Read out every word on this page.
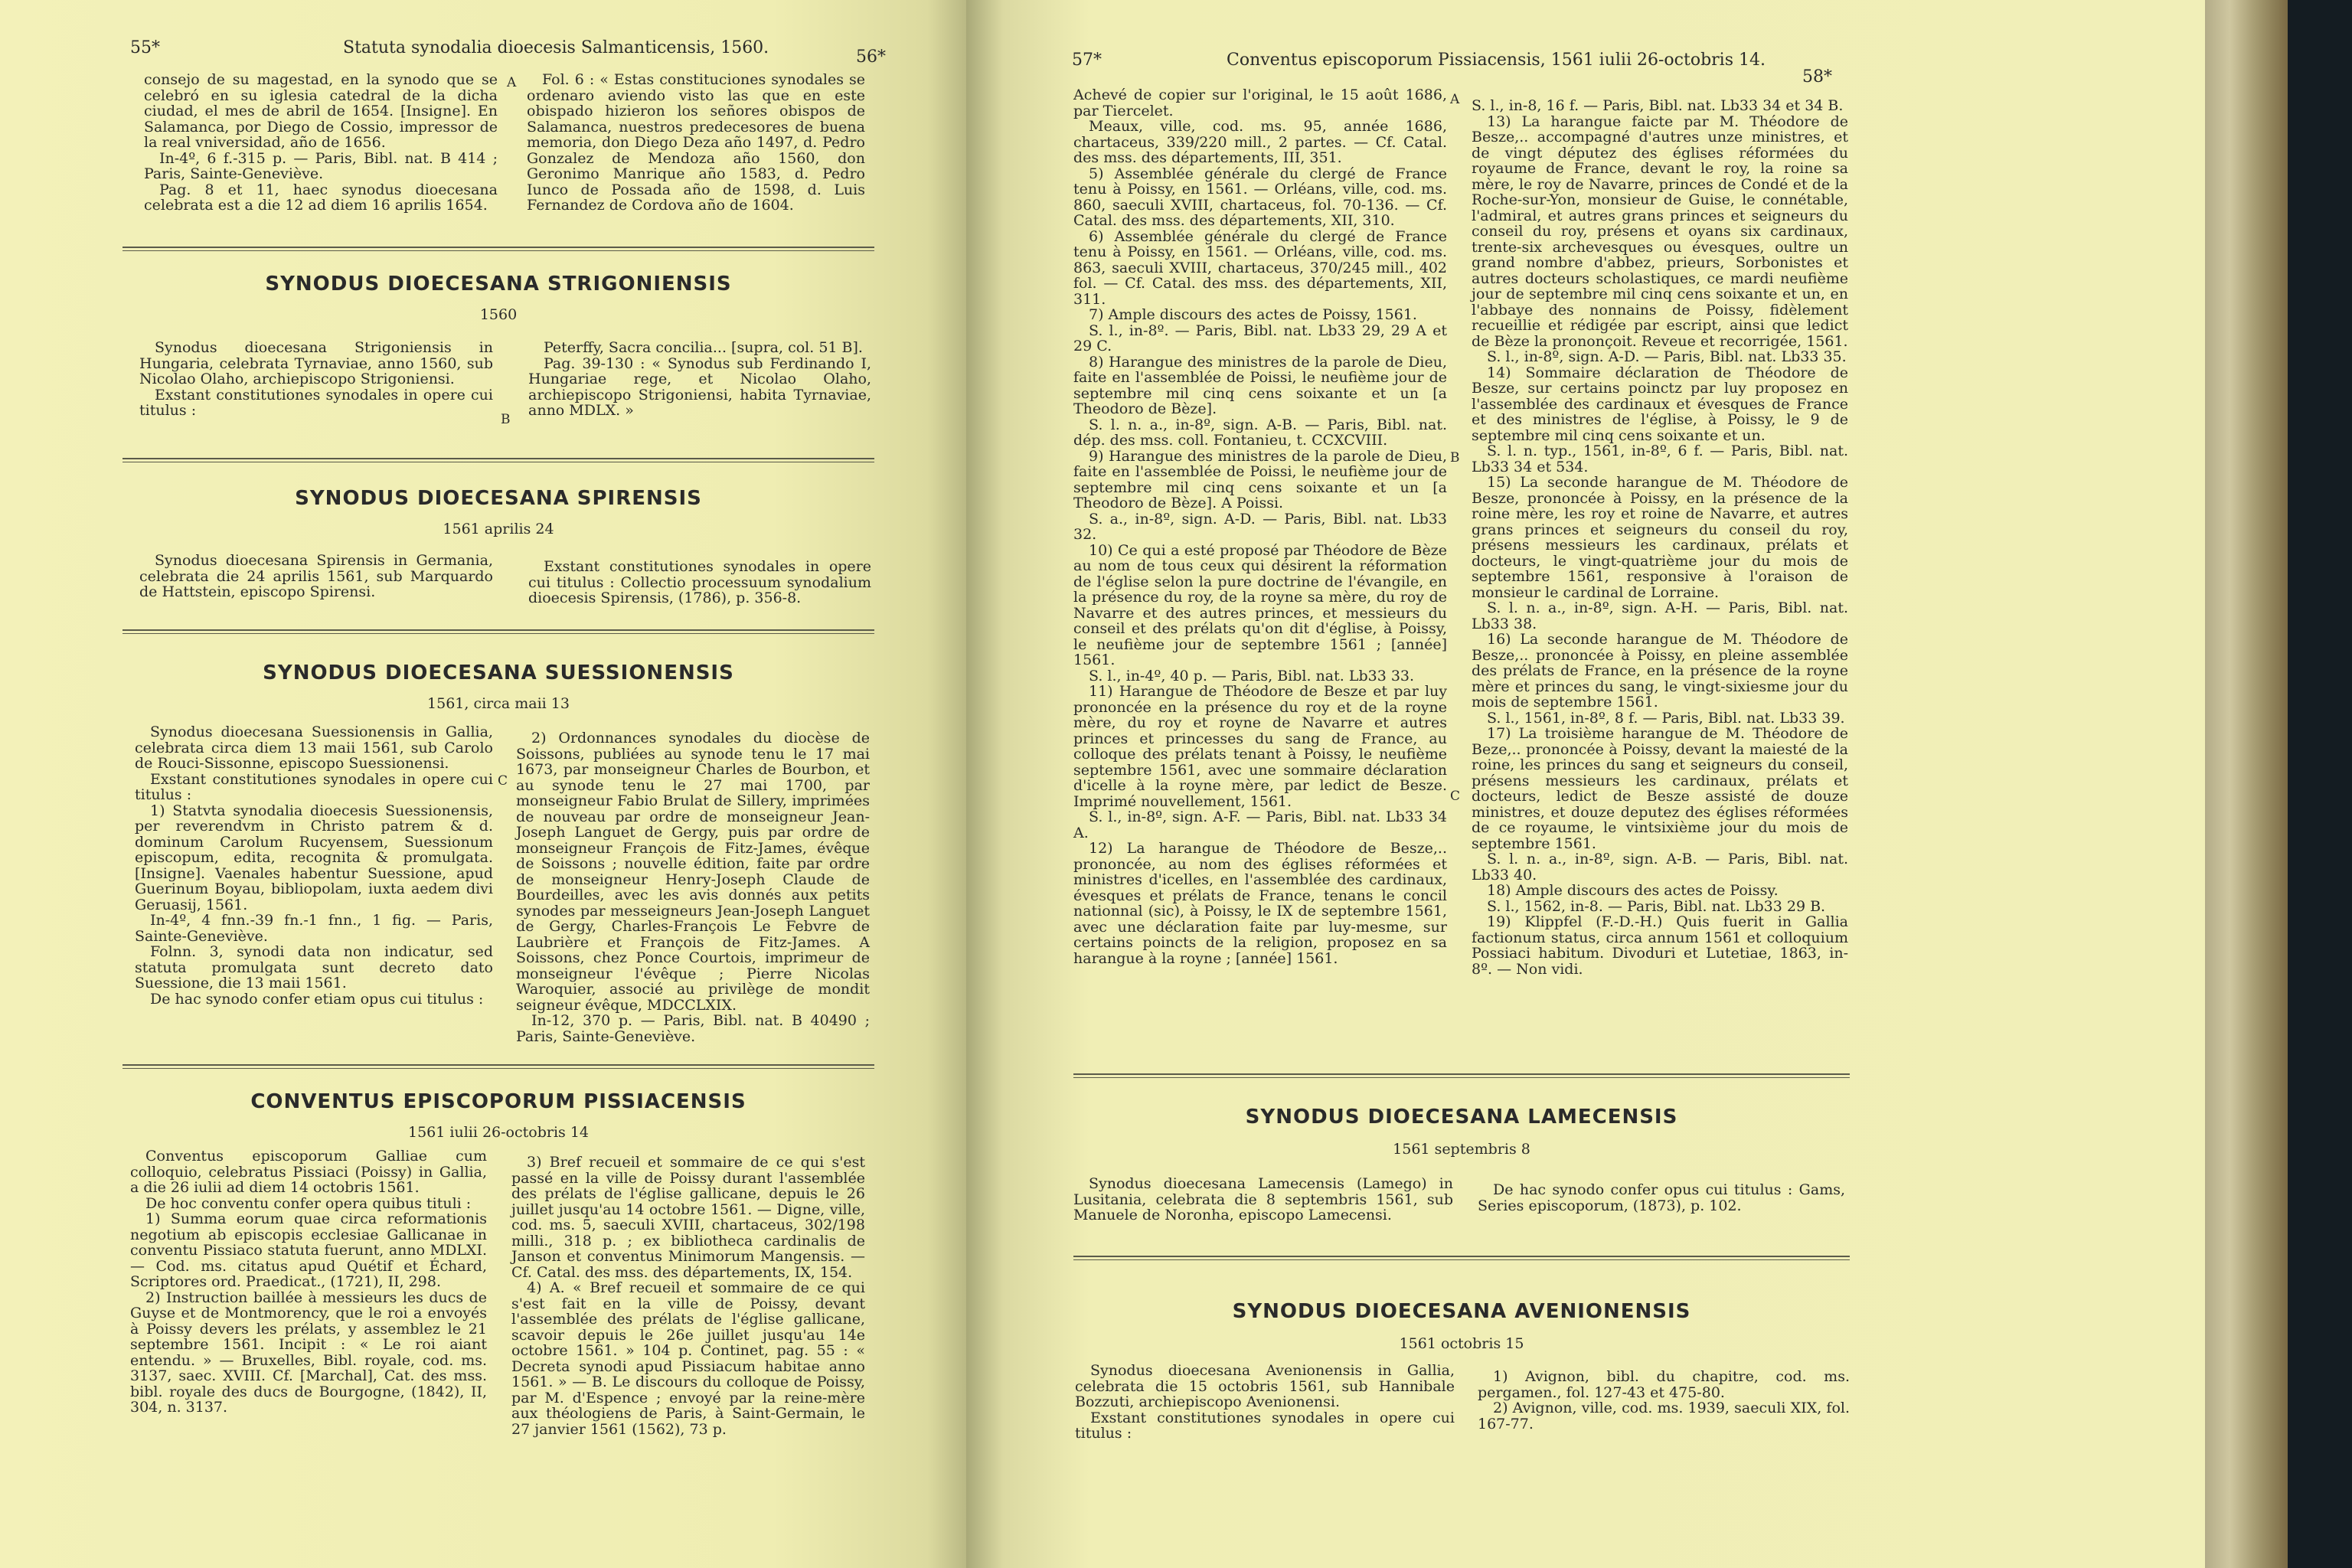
55*	Statuta synodalia dioecesis Salmanticensis, 1560.	56*

consejo de su magestad, en la synodo que se celebró en su iglesia catedral de la dicha ciudad, el mes de abril de 1654. [Insigne]. En Salamanca, por Diego de Cossio, impressor de la real vniversidad, año de 1656.

In-4º, 6 f.-315 p. — Paris, Bibl. nat. B 414 ; Paris, Sainte-Geneviève.

Pag. 8 et 11, haec synodus dioecesana celebrata est a die 12 ad diem 16 aprilis 1654.

A	Fol. 6 : « Estas constituciones synodales se ordenaro aviendo visto las que en este obispado hizieron los señores obispos de Salamanca, nuestros predecesores de buena memoria, don Diego Deza año 1497, d. Pedro Gonzalez de Mendoza año 1560, don Geronimo Manrique año 1583, d. Pedro Iunco de Possada año de 1598, d. Luis Fernandez de Cordova año de 1604.

SYNODUS DIOECESANA STRIGONIENSIS
1560

Synodus dioecesana Strigoniensis in Hungaria, celebrata Tyrnaviae, anno 1560, sub Nicolao Olaho, archiepiscopo Strigoniensi.

Exstant constitutiones synodales in opere cui titulus :

Peterffy, Sacra concilia... [supra, col. 51 B].

Pag. 39-130 : « Synodus sub Ferdinando I, Hungariae rege, et Nicolao Olaho, archiepiscopo Strigoniensi, habita Tyrnaviae, anno MDLX. »

B
SYNODUS DIOECESANA SPIRENSIS
1561 aprilis 24

Synodus dioecesana Spirensis in Germania, celebrata die 24 aprilis 1561, sub Marquardo de Hattstein, episcopo Spirensi.

Exstant constitutiones synodales in opere cui titulus : Collectio processuum synodalium dioecesis Spirensis, (1786), p. 356-8.

SYNODUS DIOECESANA SUESSIONENSIS
1561, circa maii 13

Synodus dioecesana Suessionensis in Gallia, celebrata circa diem 13 maii 1561, sub Carolo de Rouci-Sissonne, episcopo Suessionensi.

Exstant constitutiones synodales in opere cui titulus :

1) Statvta synodalia dioecesis Suessionensis, per reverendvm in Christo patrem & d. dominum Carolum Rucyensem, Suessionum episcopum, edita, recognita & promulgata. [Insigne]. Vaenales habentur Suessione, apud Guerinum Boyau, bibliopolam, iuxta aedem divi Geruasij, 1561.

In-4º, 4 fnn.-39 fn.-1 fnn., 1 fig. — Paris, Sainte-Geneviève.

Folnn. 3, synodi data non indicatur, sed statuta promulgata sunt decreto dato Suessione, die 13 maii 1561.

De hac synodo confer etiam opus cui titulus :

C

2) Ordonnances synodales du diocèse de Soissons, publiées au synode tenu le 17 mai 1673, par monseigneur Charles de Bourbon, et au synode tenu le 27 mai 1700, par monseigneur Fabio Brulat de Sillery, imprimées de nouveau par ordre de monseigneur Jean-Joseph Languet de Gergy, puis par ordre de monseigneur François de Fitz-James, évêque de Soissons ; nouvelle édition, faite par ordre de monseigneur Henry-Joseph Claude de Bourdeilles, avec les avis donnés aux petits synodes par messeigneurs Jean-Joseph Languet de Gergy, Charles-François Le Febvre de Laubrière et François de Fitz-James. A Soissons, chez Ponce Courtois, imprimeur de monseigneur l'évêque ; Pierre Nicolas Waroquier, associé au privilège de mondit seigneur évêque, MDCCLXIX.

In-12, 370 p. — Paris, Bibl. nat. B 40490 ; Paris, Sainte-Geneviève.

CONVENTUS EPISCOPORUM PISSIACENSIS
1561 iulii 26-octobris 14

Conventus episcoporum Galliae cum colloquio, celebratus Pissiaci (Poissy) in Gallia, a die 26 iulii ad diem 14 octobris 1561.

De hoc conventu confer opera quibus tituli :

1) Summa eorum quae circa reformationis negotium ab episcopis ecclesiae Gallicanae in conventu Pissiaco statuta fuerunt, anno MDLXI. — Cod. ms. citatus apud Quétif et Échard, Scriptores ord. Praedicat., (1721), II, 298.

2) Instruction baillée à messieurs les ducs de Guyse et de Montmorency, que le roi a envoyés à Poissy devers les prélats, y assemblez le 21 septembre 1561. Incipit : « Le roi aiant entendu. » — Bruxelles, Bibl. royale, cod. ms. 3137, saec. XVIII. Cf. [Marchal], Cat. des mss. bibl. royale des ducs de Bourgogne, (1842), II, 304, n. 3137.

3) Bref recueil et sommaire de ce qui s'est passé en la ville de Poissy durant l'assemblée des prélats de l'église gallicane, depuis le 26 juillet jusqu'au 14 octobre 1561. — Digne, ville, cod. ms. 5, saeculi XVIII, chartaceus, 302/198 milli., 318 p. ; ex bibliotheca cardinalis de Janson et conventus Minimorum Mangensis. — Cf. Catal. des mss. des départements, IX, 154.

4) A. « Bref recueil et sommaire de ce qui s'est fait en la ville de Poissy, devant l'assemblée des prélats de l'église gallicane, scavoir depuis le 26e juillet jusqu'au 14e octobre 1561. » 104 p. Continet, pag. 55 : « Decreta synodi apud Pissiacum habitae anno 1561. » — B. Le discours du colloque de Poissy, par M. d'Espence ; envoyé par la reine-mère aux théologiens de Paris, à Saint-Germain, le 27 janvier 1561 (1562), 73 p.

57*	Conventus episcoporum Pissiacensis, 1561 iulii 26-octobris 14.
58*

Achevé de copier sur l'original, le 15 août 1686, par Tiercelet.

Meaux, ville, cod. ms. 95, année 1686, chartaceus, 339/220 mill., 2 partes. — Cf. Catal. des mss. des départements, III, 351.

5) Assemblée générale du clergé de France tenu à Poissy, en 1561. — Orléans, ville, cod. ms. 860, saeculi XVIII, chartaceus, fol. 70-136. — Cf. Catal. des mss. des départements, XII, 310.

6) Assemblée générale du clergé de France tenu à Poissy, en 1561. — Orléans, ville, cod. ms. 863, saeculi XVIII, chartaceus, 370/245 mill., 402 fol. — Cf. Catal. des mss. des départements, XII, 311.

7) Ample discours des actes de Poissy, 1561.

S. l., in-8º. — Paris, Bibl. nat. Lb33 29, 29 A et 29 C.

8) Harangue des ministres de la parole de Dieu, faite en l'assemblée de Poissi, le neufième jour de septembre mil cinq cens soixante et un [a Theodoro de Bèze].

S. l. n. a., in-8º, sign. A-B. — Paris, Bibl. nat. dép. des mss. coll. Fontanieu, t. CCXCVIII.

9) Harangue des ministres de la parole de Dieu, faite en l'assemblée de Poissi, le neufième jour de septembre mil cinq cens soixante et un [a Theodoro de Bèze]. A Poissi.

S. a., in-8º, sign. A-D. — Paris, Bibl. nat. Lb33 32.

10) Ce qui a esté proposé par Théodore de Bèze au nom de tous ceux qui désirent la réformation de l'église selon la pure doctrine de l'évangile, en la présence du roy, de la royne sa mère, du roy de Navarre et des autres princes, et messieurs du conseil et des prélats qu'on dit d'église, à Poissy, le neufième jour de septembre 1561 ; [année] 1561.

S. l., in-4º, 40 p. — Paris, Bibl. nat. Lb33 33.

11) Harangue de Théodore de Besze et par luy prononcée en la présence du roy et de la royne mère, du roy et royne de Navarre et autres princes et princesses du sang de France, au colloque des prélats tenant à Poissy, le neufième septembre 1561, avec une sommaire déclaration d'icelle à la royne mère, par ledict de Besze. Imprimé nouvellement, 1561.

S. l., in-8º, sign. A-F. — Paris, Bibl. nat. Lb33 34 A.

12) La harangue de Théodore de Besze,.. prononcée, au nom des églises réformées et ministres d'icelles, en l'assemblée des cardinaux, évesques et prélats de France, tenans le concil nationnal (sic), à Poissy, le IX de septembre 1561, avec une déclaration faite par luy-mesme, sur certains poincts de la religion, proposez en sa harangue à la royne ; [année] 1561.

A
B
C

S. l., in-8, 16 f. — Paris, Bibl. nat. Lb33 34 et 34 B.

13) La harangue faicte par M. Théodore de Besze,.. accompagné d'autres unze ministres, et de vingt députez des églises réformées du royaume de France, devant le roy, la roine sa mère, le roy de Navarre, princes de Condé et de la Roche-sur-Yon, monsieur de Guise, le connétable, l'admiral, et autres grans princes et seigneurs du conseil du roy, présens et oyans six cardinaux, trente-six archevesques ou évesques, oultre un grand nombre d'abbez, prieurs, Sorbonistes et autres docteurs scholastiques, ce mardi neufième jour de septembre mil cinq cens soixante et un, en l'abbaye des nonnains de Poissy, fidèlement recueillie et rédigée par escript, ainsi que ledict de Bèze la prononçoit. Reveue et recorrigée, 1561.

S. l., in-8º, sign. A-D. — Paris, Bibl. nat. Lb33 35.

14) Sommaire déclaration de Théodore de Besze, sur certains poinctz par luy proposez en l'assemblée des cardinaux et évesques de France et des ministres de l'église, à Poissy, le 9 de septembre mil cinq cens soixante et un.

S. l. n. typ., 1561, in-8º, 6 f. — Paris, Bibl. nat. Lb33 34 et 534.

15) La seconde harangue de M. Théodore de Besze, prononcée à Poissy, en la présence de la roine mère, les roy et roine de Navarre, et autres grans princes et seigneurs du conseil du roy, présens messieurs les cardinaux, prélats et docteurs, le vingt-quatrième jour du mois de septembre 1561, responsive à l'oraison de monsieur le cardinal de Lorraine.

S. l. n. a., in-8º, sign. A-H. — Paris, Bibl. nat. Lb33 38.

16) La seconde harangue de M. Théodore de Besze,.. prononcée à Poissy, en pleine assemblée des prélats de France, en la présence de la royne mère et princes du sang, le vingt-sixiesme jour du mois de septembre 1561.

S. l., 1561, in-8º, 8 f. — Paris, Bibl. nat. Lb33 39.

17) La troisième harangue de M. Théodore de Beze,.. prononcée à Poissy, devant la maiesté de la roine, les princes du sang et seigneurs du conseil, présens messieurs les cardinaux, prélats et docteurs, ledict de Besze assisté de douze ministres, et douze deputez des églises réformées de ce royaume, le vintsixième jour du mois de septembre 1561.

S. l. n. a., in-8º, sign. A-B. — Paris, Bibl. nat. Lb33 40.

18) Ample discours des actes de Poissy.

S. l., 1562, in-8. — Paris, Bibl. nat. Lb33 29 B.

19) Klippfel (F.-D.-H.) Quis fuerit in Gallia factionum status, circa annum 1561 et colloquium Possiaci habitum. Divoduri et Lutetiae, 1863, in-8º. — Non vidi.

SYNODUS DIOECESANA LAMECENSIS
1561 septembris 8

Synodus dioecesana Lamecensis (Lamego) in Lusitania, celebrata die 8 septembris 1561, sub Manuele de Noronha, episcopo Lamecensi.

De hac synodo confer opus cui titulus : Gams, Series episcoporum, (1873), p. 102.

SYNODUS DIOECESANA AVENIONENSIS
1561 octobris 15

Synodus dioecesana Avenionensis in Gallia, celebrata die 15 octobris 1561, sub Hannibale Bozzuti, archiepiscopo Avenionensi.

Exstant constitutiones synodales in opere cui titulus :

1) Avignon, bibl. du chapitre, cod. ms. pergamen., fol. 127-43 et 475-80.

2) Avignon, ville, cod. ms. 1939, saeculi XIX, fol. 167-77.
